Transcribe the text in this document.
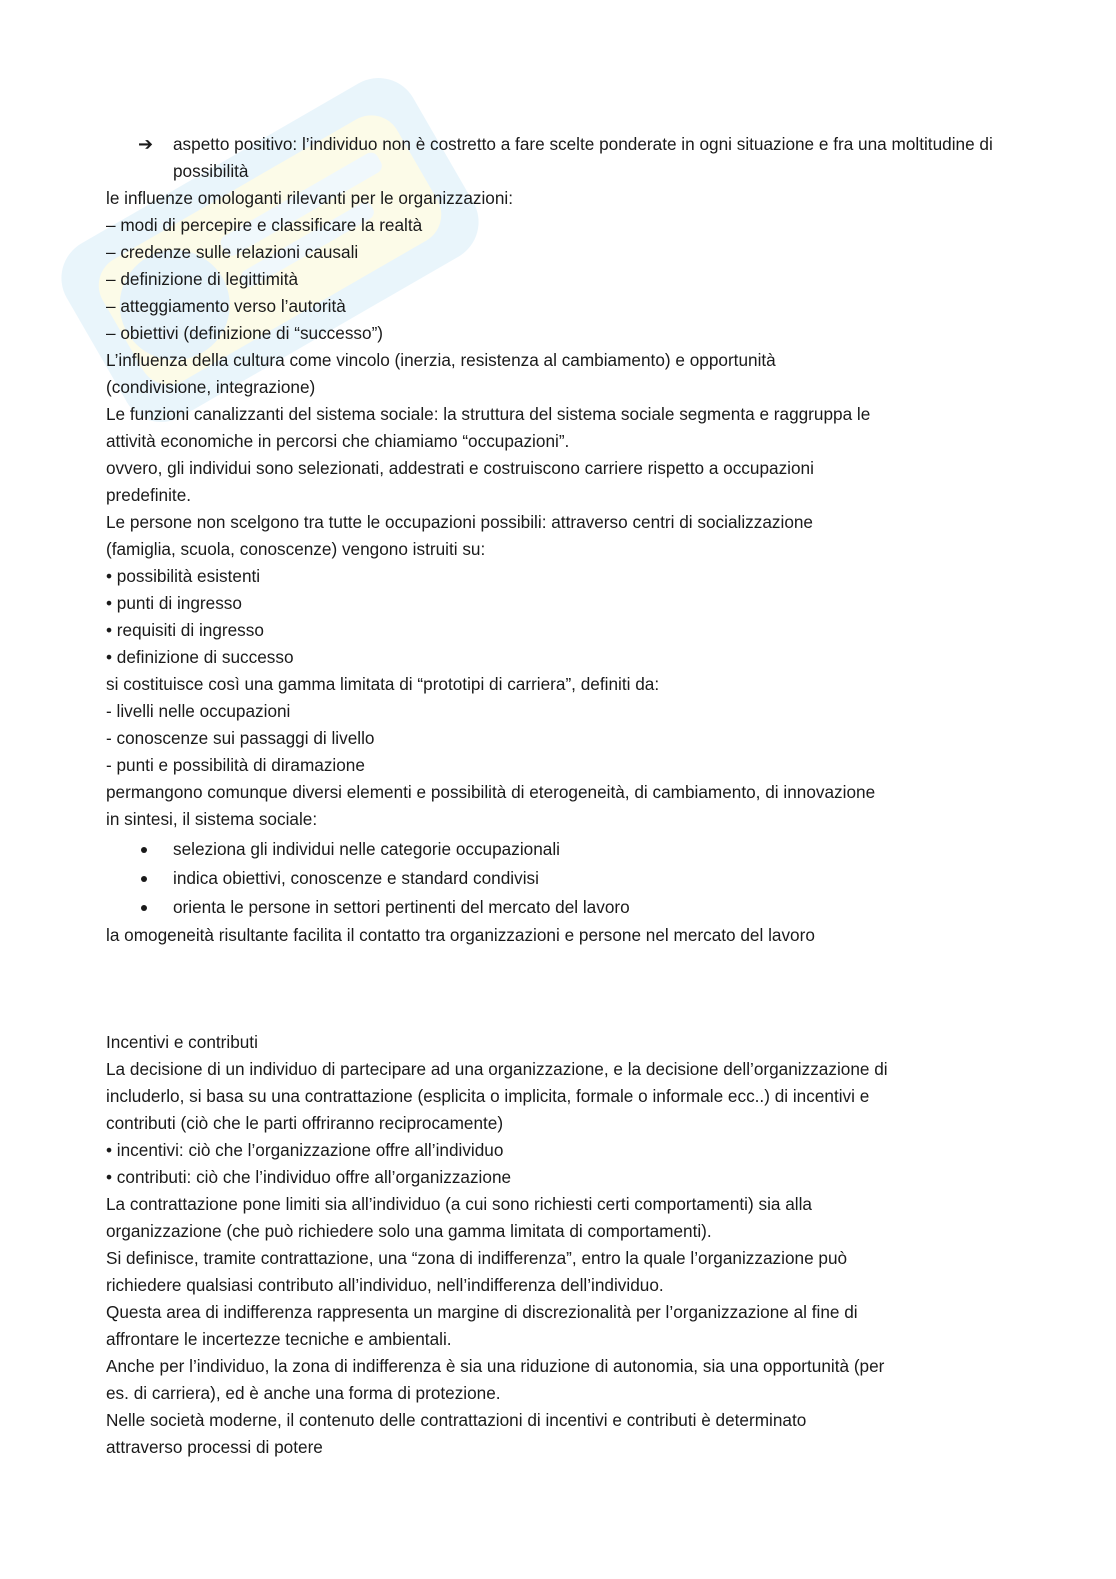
➔ aspetto positivo: l’individuo non è costretto a fare scelte ponderate in ogni situazione e fra una moltitudine di possibilità
le influenze omologanti rilevanti per le organizzazioni:
– modi di percepire e classificare la realtà
– credenze sulle relazioni causali
– definizione di legittimità
– atteggiamento verso l’autorità
– obiettivi (definizione di “successo”)
L’influenza della cultura come vincolo (inerzia, resistenza al cambiamento) e opportunità
(condivisione, integrazione)
Le funzioni canalizzanti del sistema sociale: la struttura del sistema sociale segmenta e raggruppa le
attività economiche in percorsi che chiamiamo “occupazioni”.
ovvero, gli individui sono selezionati, addestrati e costruiscono carriere rispetto a occupazioni
predefinite.
Le persone non scelgono tra tutte le occupazioni possibili: attraverso centri di socializzazione
(famiglia, scuola, conoscenze) vengono istruiti su:
• possibilità esistenti
• punti di ingresso
• requisiti di ingresso
• definizione di successo
si costituisce così una gamma limitata di “prototipi di carriera”, definiti da:
- livelli nelle occupazioni
- conoscenze sui passaggi di livello
- punti e possibilità di diramazione
permangono comunque diversi elementi e possibilità di eterogeneità, di cambiamento, di innovazione
in sintesi, il sistema sociale:
seleziona gli individui nelle categorie occupazionali
indica obiettivi, conoscenze e standard condivisi
orienta le persone in settori pertinenti del mercato del lavoro
la omogeneità risultante facilita il contatto tra organizzazioni e persone nel mercato del lavoro
Incentivi e contributi
La decisione di un individuo di partecipare ad una organizzazione, e la decisione dell’organizzazione di
includerlo, si basa su una contrattazione (esplicita o implicita, formale o informale ecc..) di incentivi e
contributi (ciò che le parti offriranno reciprocamente)
• incentivi: ciò che l’organizzazione offre all’individuo
• contributi: ciò che l’individuo offre all’organizzazione
La contrattazione pone limiti sia all’individuo (a cui sono richiesti certi comportamenti) sia alla
organizzazione (che può richiedere solo una gamma limitata di comportamenti).
Si definisce, tramite contrattazione, una “zona di indifferenza”, entro la quale l’organizzazione può
richiedere qualsiasi contributo all’individuo, nell’indifferenza dell’individuo.
Questa area di indifferenza rappresenta un margine di discrezionalità per l’organizzazione al fine di
affrontare le incertezze tecniche e ambientali.
Anche per l’individuo, la zona di indifferenza è sia una riduzione di autonomia, sia una opportunità (per
es. di carriera), ed è anche una forma di protezione.
Nelle società moderne, il contenuto delle contrattazioni di incentivi e contributi è determinato
attraverso processi di potere
